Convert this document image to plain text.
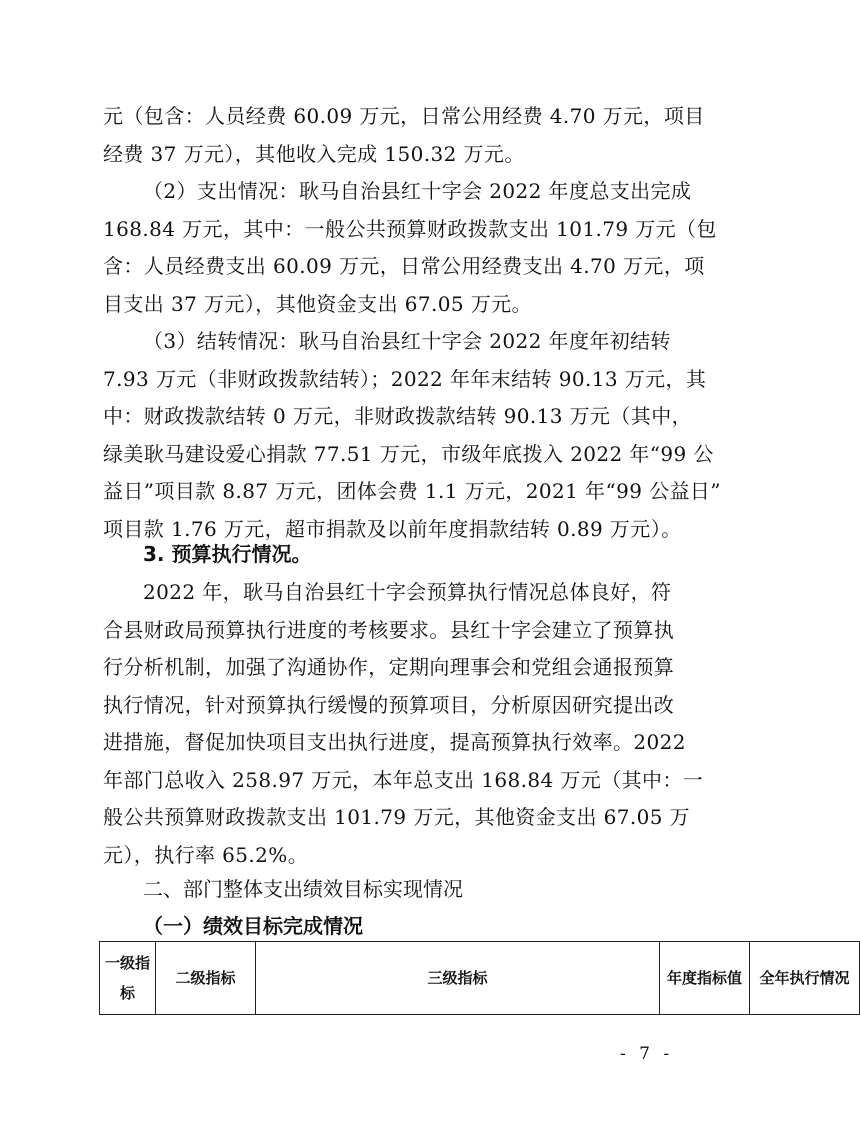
元（包含：人员经费 60.09 万元，日常公用经费 4.70 万元，项目
经费 37 万元），其他收入完成 150.32 万元。
（2）支出情况：耿马自治县红十字会 2022 年度总支出完成
168.84 万元，其中：一般公共预算财政拨款支出 101.79 万元（包
含：人员经费支出 60.09 万元，日常公用经费支出 4.70 万元，项
目支出 37 万元），其他资金支出 67.05 万元。
（3）结转情况：耿马自治县红十字会 2022 年度年初结转
7.93 万元（非财政拨款结转）；2022 年年末结转 90.13 万元，其
中：财政拨款结转 0 万元，非财政拨款结转 90.13 万元（其中，
绿美耿马建设爱心捐款 77.51 万元，市级年底拨入 2022 年“99 公
益日”项目款 8.87 万元，团体会费 1.1 万元，2021 年“99 公益日”
项目款 1.76 万元，超市捐款及以前年度捐款结转 0.89 万元）。
3. 预算执行情况。
2022 年，耿马自治县红十字会预算执行情况总体良好，符
合县财政局预算执行进度的考核要求。县红十字会建立了预算执
行分析机制，加强了沟通协作，定期向理事会和党组会通报预算
执行情况，针对预算执行缓慢的预算项目，分析原因研究提出改
进措施，督促加快项目支出执行进度，提高预算执行效率。2022
年部门总收入 258.97 万元，本年总支出 168.84 万元（其中：一
般公共预算财政拨款支出 101.79 万元，其他资金支出 67.05 万
元），执行率 65.2%。
二、部门整体支出绩效目标实现情况
（一）绩效目标完成情况
一级指标	二级指标	三级指标	年度指标值	全年执行情况
- 7 -
